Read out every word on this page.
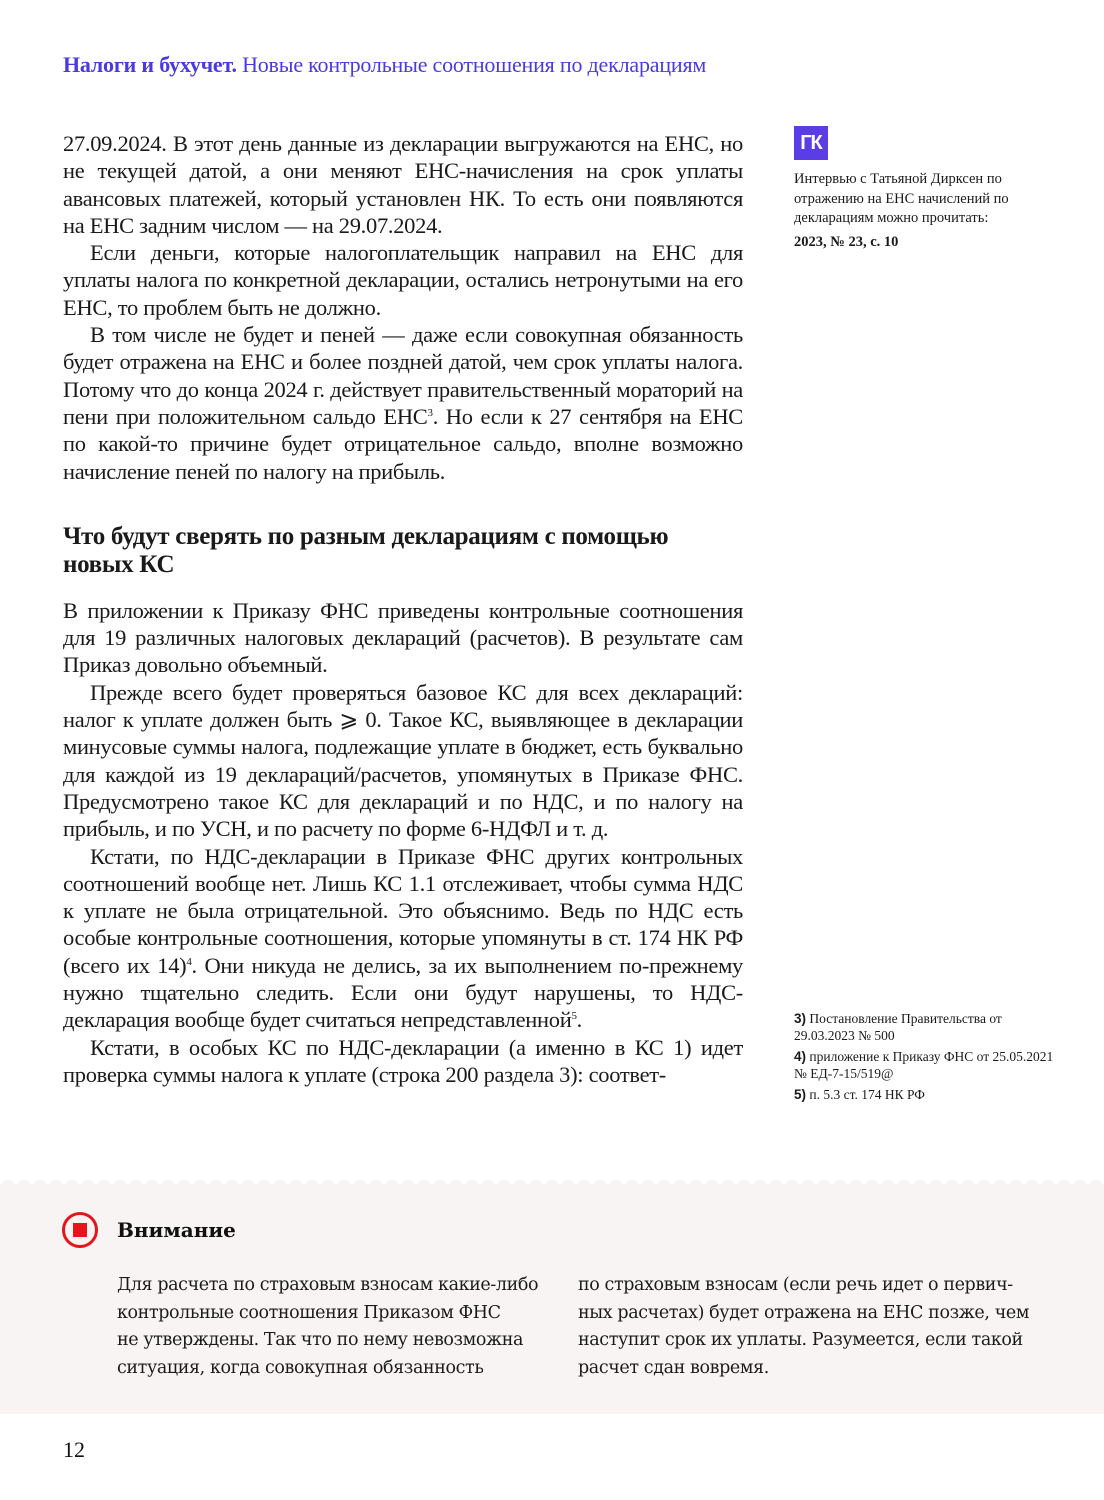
Налоги и бухучет. Новые контрольные соотношения по декларациям

27.09.2024. В этот день данные из декларации выгружаются на ЕНС, но не текущей датой, а они меняют ЕНС-начисления на срок уплаты авансовых платежей, который установлен НК. То есть они появляются на ЕНС задним числом — на 29.07.2024.

Если деньги, которые налогоплательщик направил на ЕНС для уплаты налога по конкретной декларации, остались нетронутыми на его ЕНС, то проблем быть не должно.

В том числе не будет и пеней — даже если совокупная обязанность будет отражена на ЕНС и более поздней датой, чем срок уплаты налога. Потому что до конца 2024 г. действует правительственный мораторий на пени при положительном сальдо ЕНС$^3$. Но если к 27 сентября на ЕНС по какой-то причине будет отрицательное сальдо, вполне возможно начисление пеней по налогу на прибыль.

Что будут сверять по разным декларациям с помощью новых КС

В приложении к Приказу ФНС приведены контрольные соотношения для 19 различных налоговых деклараций (расчетов). В результате сам Приказ довольно объемный.

Прежде всего будет проверяться базовое КС для всех деклараций: налог к уплате должен быть ⩾ 0. Такое КС, выявляющее в декларации минусовые суммы налога, подлежащие уплате в бюджет, есть буквально для каждой из 19 деклараций/расчетов, упомянутых в Приказе ФНС. Предусмотрено такое КС для деклараций и по НДС, и по налогу на прибыль, и по УСН, и по расчету по форме 6-НДФЛ и т. д.

Кстати, по НДС-декларации в Приказе ФНС других контрольных соотношений вообще нет. Лишь КС 1.1 отслеживает, чтобы сумма НДС к уплате не была отрицательной. Это объяснимо. Ведь по НДС есть особые контрольные соотношения, которые упомянуты в ст. 174 НК РФ (всего их 14)$^4$. Они никуда не делись, за их выполнением по-прежнему нужно тщательно следить. Если они будут нарушены, то НДС-декларация вообще будет считаться непредставленной$^5$.

Кстати, в особых КС по НДС-декларации (а именно в КС 1) идет проверка суммы налога к уплате (строка 200 раздела 3): соответ-

ГК
Интервью с Татьяной Дирксен по отражению на ЕНС начислений по декларациям можно прочитать:
2023, № 23, с. 10
3) Постановление Правительства от 29.03.2023 № 500
4) приложение к Приказу ФНС от 25.05.2021 № ЕД-7-15/519@
5) п. 5.3 ст. 174 НК РФ
Внимание
Для расчета по страховым взносам какие-либо
контрольные соотношения Приказом ФНС
не утверждены. Так что по нему невозможна
ситуация, когда совокупная обязанность
по страховым взносам (если речь идет о первич-
ных расчетах) будет отражена на ЕНС позже, чем
наступит срок их уплаты. Разумеется, если такой
расчет сдан вовремя.
12
